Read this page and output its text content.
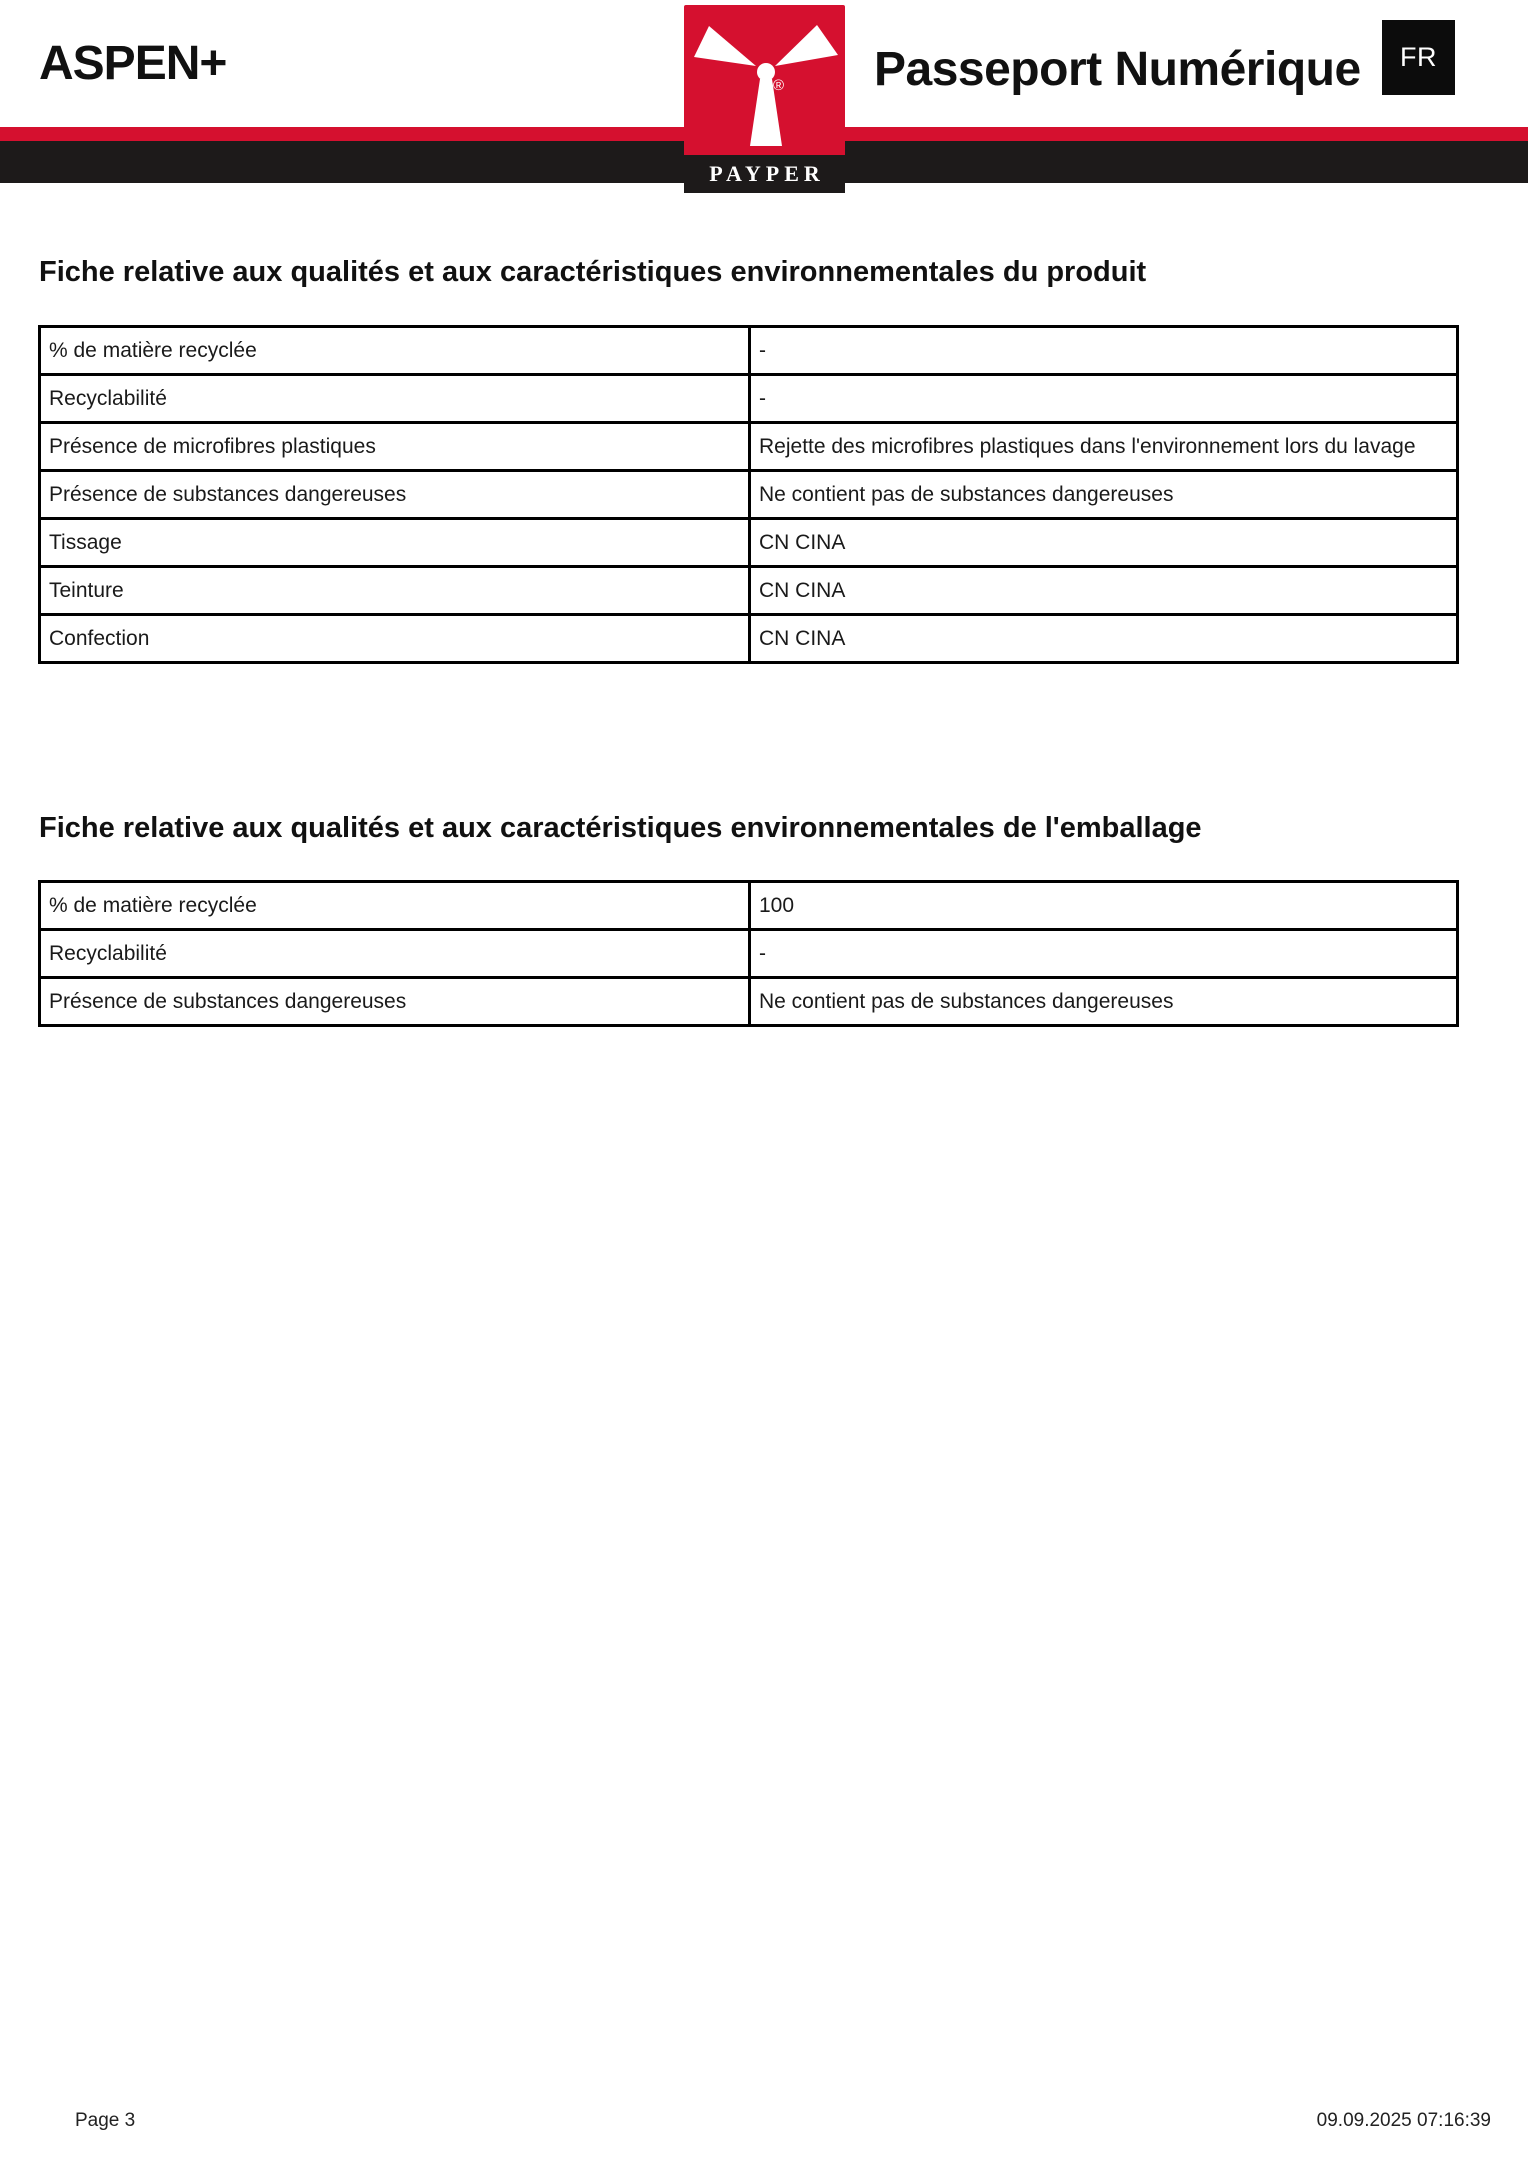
ASPEN+	Passeport Numérique FR
®
PAYPER
Fiche relative aux qualités et aux caractéristiques environnementales du produit
% de matière recyclée	-
Recyclabilité	-
Présence de microfibres plastiques	Rejette des microfibres plastiques dans l'environnement lors du lavage
Présence de substances dangereuses	Ne contient pas de substances dangereuses
Tissage	CN CINA
Teinture	CN CINA
Confection	CN CINA
Fiche relative aux qualités et aux caractéristiques environnementales de l'emballage
% de matière recyclée	100
Recyclabilité	-
Présence de substances dangereuses	Ne contient pas de substances dangereuses
Page 3	09.09.2025 07:16:39
